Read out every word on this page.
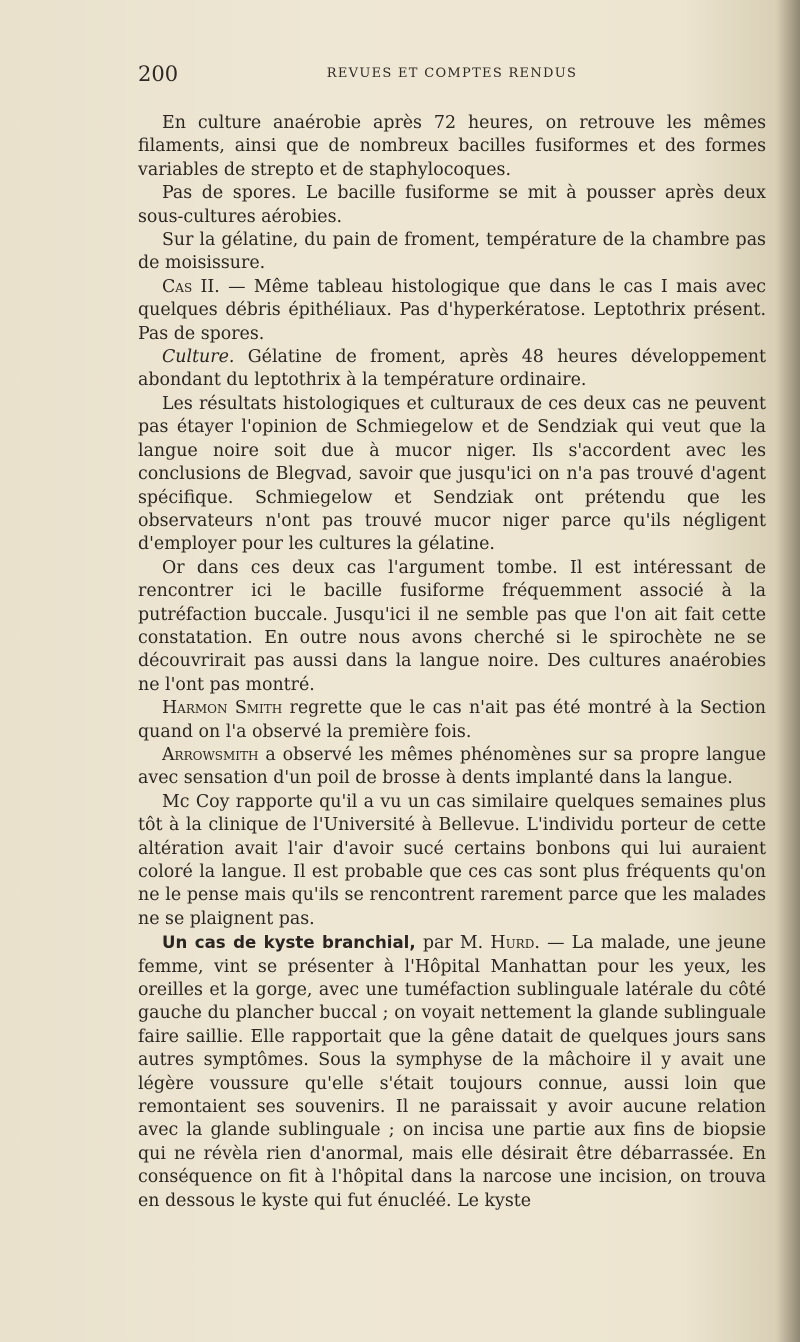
200	REVUES ET COMPTES RENDUS

En culture anaérobie après 72 heures, on retrouve les mêmes filaments, ainsi que de nombreux bacilles fusiformes et des formes variables de strepto et de staphylocoques.

Pas de spores. Le bacille fusiforme se mit à pousser après deux sous-cultures aérobies.

Sur la gélatine, du pain de froment, température de la chambre pas de moisissure.

Cas II. — Même tableau histologique que dans le cas I mais avec quelques débris épithéliaux. Pas d'hyperkératose. Leptothrix présent. Pas de spores.

Culture. Gélatine de froment, après 48 heures développement abondant du leptothrix à la température ordinaire.

Les résultats histologiques et culturaux de ces deux cas ne peuvent pas étayer l'opinion de Schmiegelow et de Sendziak qui veut que la langue noire soit due à mucor niger. Ils s'accordent avec les conclusions de Blegvad, savoir que jusqu'ici on n'a pas trouvé d'agent spécifique. Schmiegelow et Sendziak ont prétendu que les observateurs n'ont pas trouvé mucor niger parce qu'ils négligent d'employer pour les cultures la gélatine.

Or dans ces deux cas l'argument tombe. Il est intéressant de rencontrer ici le bacille fusiforme fréquemment associé à la putréfaction buccale. Jusqu'ici il ne semble pas que l'on ait fait cette constatation. En outre nous avons cherché si le spirochète ne se découvrirait pas aussi dans la langue noire. Des cultures anaérobies ne l'ont pas montré.

Harmon Smith regrette que le cas n'ait pas été montré à la Section quand on l'a observé la première fois.

Arrowsmith a observé les mêmes phénomènes sur sa propre langue avec sensation d'un poil de brosse à dents implanté dans la langue.

Mc Coy rapporte qu'il a vu un cas similaire quelques semaines plus tôt à la clinique de l'Université à Bellevue. L'individu porteur de cette altération avait l'air d'avoir sucé certains bonbons qui lui auraient coloré la langue. Il est probable que ces cas sont plus fréquents qu'on ne le pense mais qu'ils se rencontrent rarement parce que les malades ne se plaignent pas.

Un cas de kyste branchial, par M. Hurd. — La malade, une jeune femme, vint se présenter à l'Hôpital Manhattan pour les yeux, les oreilles et la gorge, avec une tuméfaction sublinguale latérale du côté gauche du plancher buccal ; on voyait nettement la glande sublinguale faire saillie. Elle rapportait que la gêne datait de quelques jours sans autres symptômes. Sous la symphyse de la mâchoire il y avait une légère voussure qu'elle s'était toujours connue, aussi loin que remontaient ses souvenirs. Il ne paraissait y avoir aucune relation avec la glande sublinguale ; on incisa une partie aux fins de biopsie qui ne révèla rien d'anormal, mais elle désirait être débarrassée. En conséquence on fit à l'hôpital dans la narcose une incision, on trouva en dessous le kyste qui fut énucléé. Le kyste
